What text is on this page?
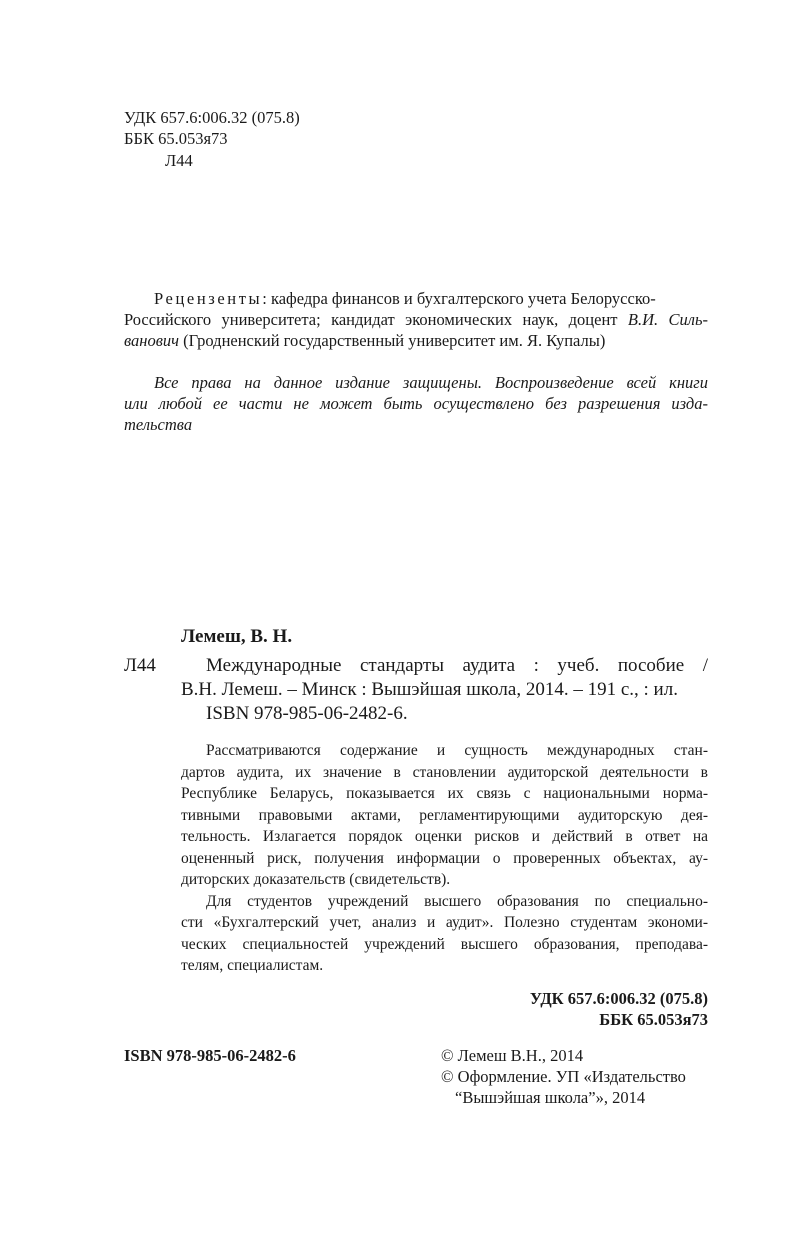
УДК 657.6:006.32 (075.8)
ББК 65.053я73
Л44
Рецензенты: кафедра финансов и бухгалтерского учета Белорусско-
Российского университета; кандидат экономических наук, доцент В.И. Силь-
ванович (Гродненский государственный университет им. Я. Купалы)
Все права на данное издание защищены. Воспроизведение всей книги
или любой ее части не может быть осуществлено без разрешения изда-
тельства
Лемеш, В. Н.
Л44	Международные стандарты аудита : учеб. пособие /
В.Н. Лемеш. – Минск : Вышэйшая школа, 2014. – 191 с., : ил.
ISBN 978-985-06-2482-6.
Рассматриваются содержание и сущность международных стан-
дартов аудита, их значение в становлении аудиторской деятельности в
Республике Беларусь, показывается их связь с национальными норма-
тивными правовыми актами, регламентирующими аудиторскую дея-
тельность. Излагается порядок оценки рисков и действий в ответ на
оцененный риск, получения информации о проверенных объектах, ау-
диторских доказательств (свидетельств).
Для студентов учреждений высшего образования по специально-
сти «Бухгалтерский учет, анализ и аудит». Полезно студентам экономи-
ческих специальностей учреждений высшего образования, преподава-
телям, специалистам.
УДК 657.6:006.32 (075.8)
ББК 65.053я73
ISBN 978-985-06-2482-6	© Лемеш В.Н., 2014
© Оформление. УП «Издательство
“Вышэйшая школа”», 2014
